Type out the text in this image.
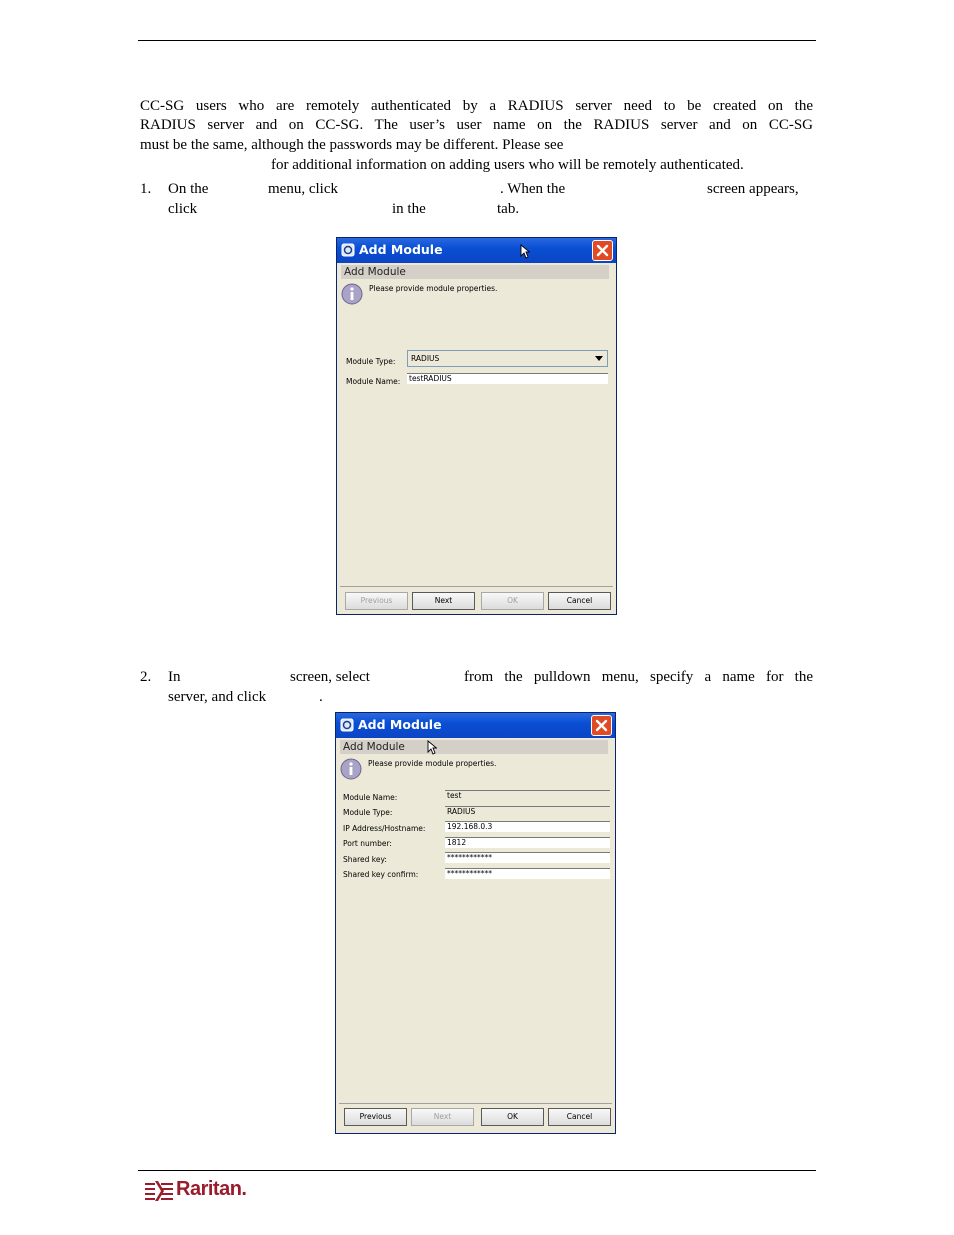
CC-SG users who are remotely authenticated by a RADIUS server need to be created on the
RADIUS server and on CC-SG. The user’s user name on the RADIUS server and on CC-SG
must be the same, although the passwords may be different. Please see
for additional information on adding users who will be remotely authenticated.
1. On the	menu, click	. When the	screen appears,
click	in the	tab.
Add Module
Add Module
Please provide module properties.
Module Type:	RADIUS
Module Name: testRADIUS
Previous	Next	OK	Cancel
2. In	screen, select	from the pulldown menu, specify a name for the
server, and click	.
Add Module
Add Module
Please provide module properties.
Module Name:	test
Module Type:	RADIUS
IP Address/Hostname:	192.168.0.3
Port number:	1812
Shared key:	************
Shared key confirm:	************
Previous	Next	OK	Cancel
Raritan.
